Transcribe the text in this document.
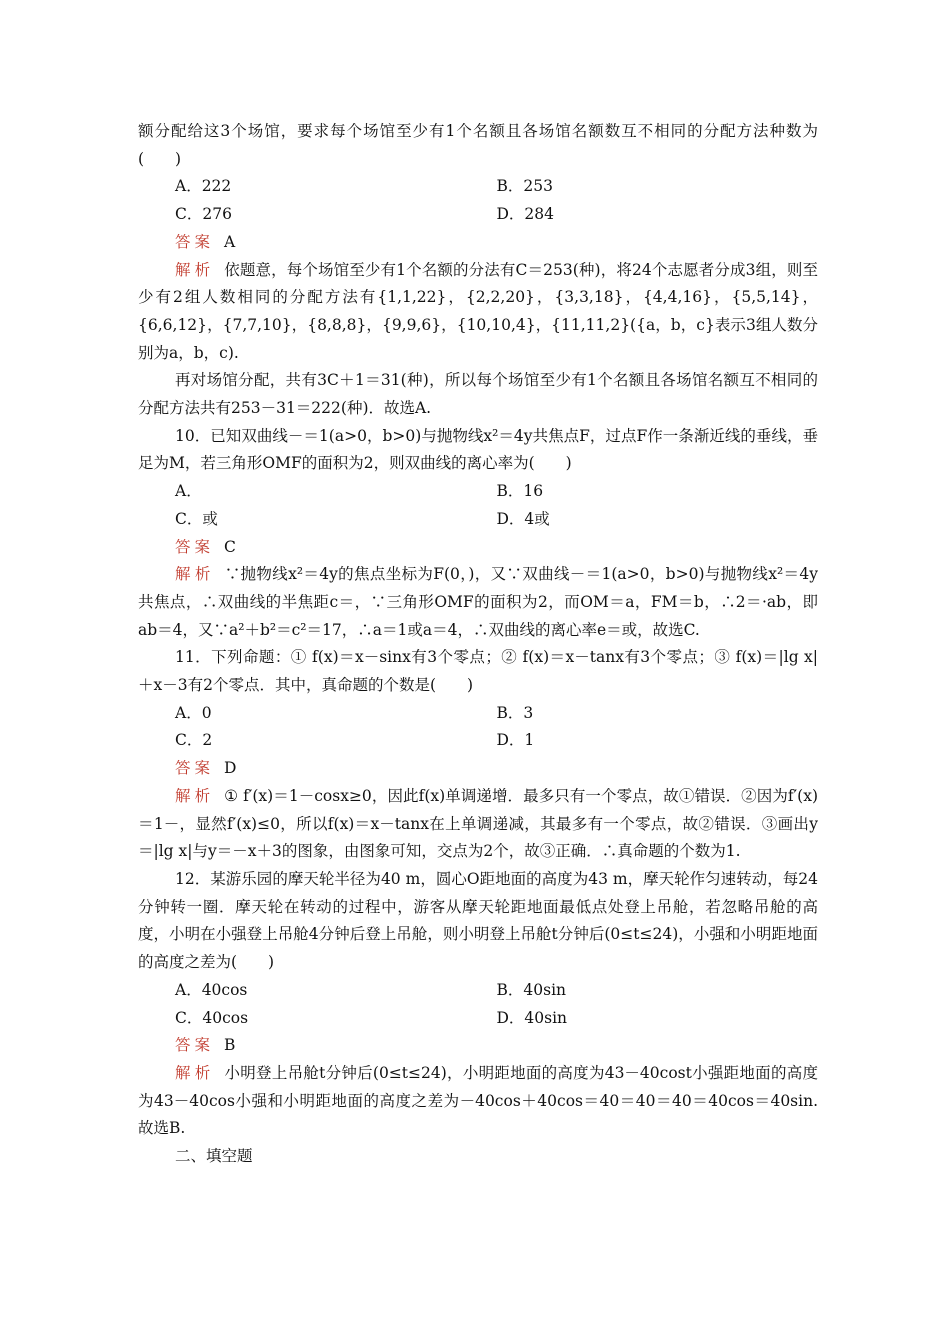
额分配给这3个场馆，要求每个场馆至少有1个名额且各场馆名额数互不相同的分配方法种数为(　　)

A．222	B．253
C．276	D．284

答案 A

解析 依题意，每个场馆至少有1个名额的分法有C＝253(种)，将24个志愿者分成3组，则至少有2组人数相同的分配方法有{1,1,22}，{2,2,20}，{3,3,18}，{4,4,16}，{5,5,14}，{6,6,12}，{7,7,10}，{8,8,8}，{9,9,6}，{10,10,4}，{11,11,2}({a，b，c}表示3组人数分别为a，b，c).

再对场馆分配，共有3C＋1＝31(种)，所以每个场馆至少有1个名额且各场馆名额互不相同的分配方法共有253－31＝222(种)．故选A.

10．已知双曲线－＝1(a>0，b>0)与抛物线x²＝4y共焦点F，过点F作一条渐近线的垂线，垂足为M，若三角形OMF的面积为2，则双曲线的离心率为(　　)

A．	B．16
C．或	D．4或

答案 C

解析 ∵抛物线x²＝4y的焦点坐标为F(0，)，又∵双曲线－＝1(a>0，b>0)与抛物线x²＝4y共焦点，∴双曲线的半焦距c＝，∵三角形OMF的面积为2，而OM＝a，FM＝b，∴2＝·ab，即ab＝4，又∵a²＋b²＝c²＝17，∴a＝1或a＝4，∴双曲线的离心率e＝或，故选C.

11．下列命题：① f(x)＝x－sinx有3个零点；② f(x)＝x－tanx有3个零点；③ f(x)＝|lg x|＋x－3有2个零点．其中，真命题的个数是(　　)

A．0	B．3
C．2	D．1

答案 D

解析 ① f′(x)＝1－cosx≥0，因此f(x)单调递增．最多只有一个零点，故①错误．②因为f′(x)＝1－，显然f′(x)≤0，所以f(x)＝x－tanx在上单调递减，其最多有一个零点，故②错误．③画出y＝|lg x|与y＝－x＋3的图象，由图象可知，交点为2个，故③正确．∴真命题的个数为1.

12．某游乐园的摩天轮半径为40 m，圆心O距地面的高度为43 m，摩天轮作匀速转动，每24分钟转一圈．摩天轮在转动的过程中，游客从摩天轮距地面最低点处登上吊舱，若忽略吊舱的高度，小明在小强登上吊舱4分钟后登上吊舱，则小明登上吊舱t分钟后(0≤t≤24)，小强和小明距地面的高度之差为(　　)

A．40cos	B．40sin
C．40cos	D．40sin

答案 B

解析 小明登上吊舱t分钟后(0≤t≤24)，小明距地面的高度为43－40cost小强距地面的高度为43－40cos小强和小明距地面的高度之差为－40cos＋40cos＝40＝40＝40＝40cos＝40sin.故选B.

二、填空题
